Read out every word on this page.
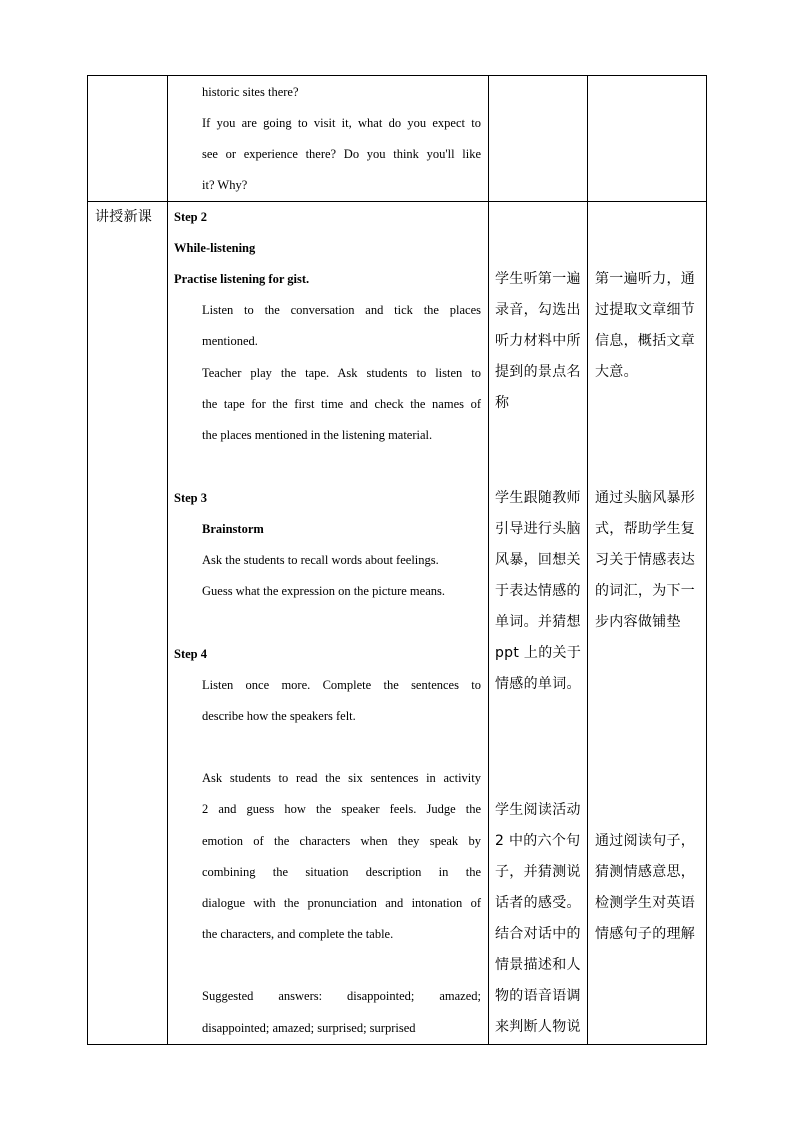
historic sites there?
If you are going to visit it, what do you expect to
see or experience there? Do you think you'll like
it? Why?
讲授新课 Step 2
While-listening
Practise listening for gist.
Listen to the conversation and tick the places
mentioned.
Teacher play the tape. Ask students to listen to
the tape for the first time and check the names of
the places mentioned in the listening material.
学生听第一遍
录音，勾选出
听力材料中所
提到的景点名
称
第一遍听力，通
过提取文章细节
信息，概括文章
大意。
Step 3
Brainstorm
Ask the students to recall words about feelings.
Guess what the expression on the picture means.
学生跟随教师
引导进行头脑
风暴，回想关
于表达情感的
单词。并猜想
ppt 上的关于
情感的单词。
通过头脑风暴形
式，帮助学生复
习关于情感表达
的词汇，为下一
步内容做铺垫
Step 4
Listen once more. Complete the sentences to
describe how the speakers felt.
Ask students to read the six sentences in activity
2 and guess how the speaker feels. Judge the
emotion of the characters when they speak by
combining the situation description in the
dialogue with the pronunciation and intonation of
the characters, and complete the table.
Suggested answers: disappointed; amazed;
disappointed; amazed; surprised; surprised
学生阅读活动
2 中的六个句
子，并猜测说
话者的感受。
结合对话中的
情景描述和人
物的语音语调
来判断人物说
通过阅读句子，
猜测情感意思，
检测学生对英语
情感句子的理解
